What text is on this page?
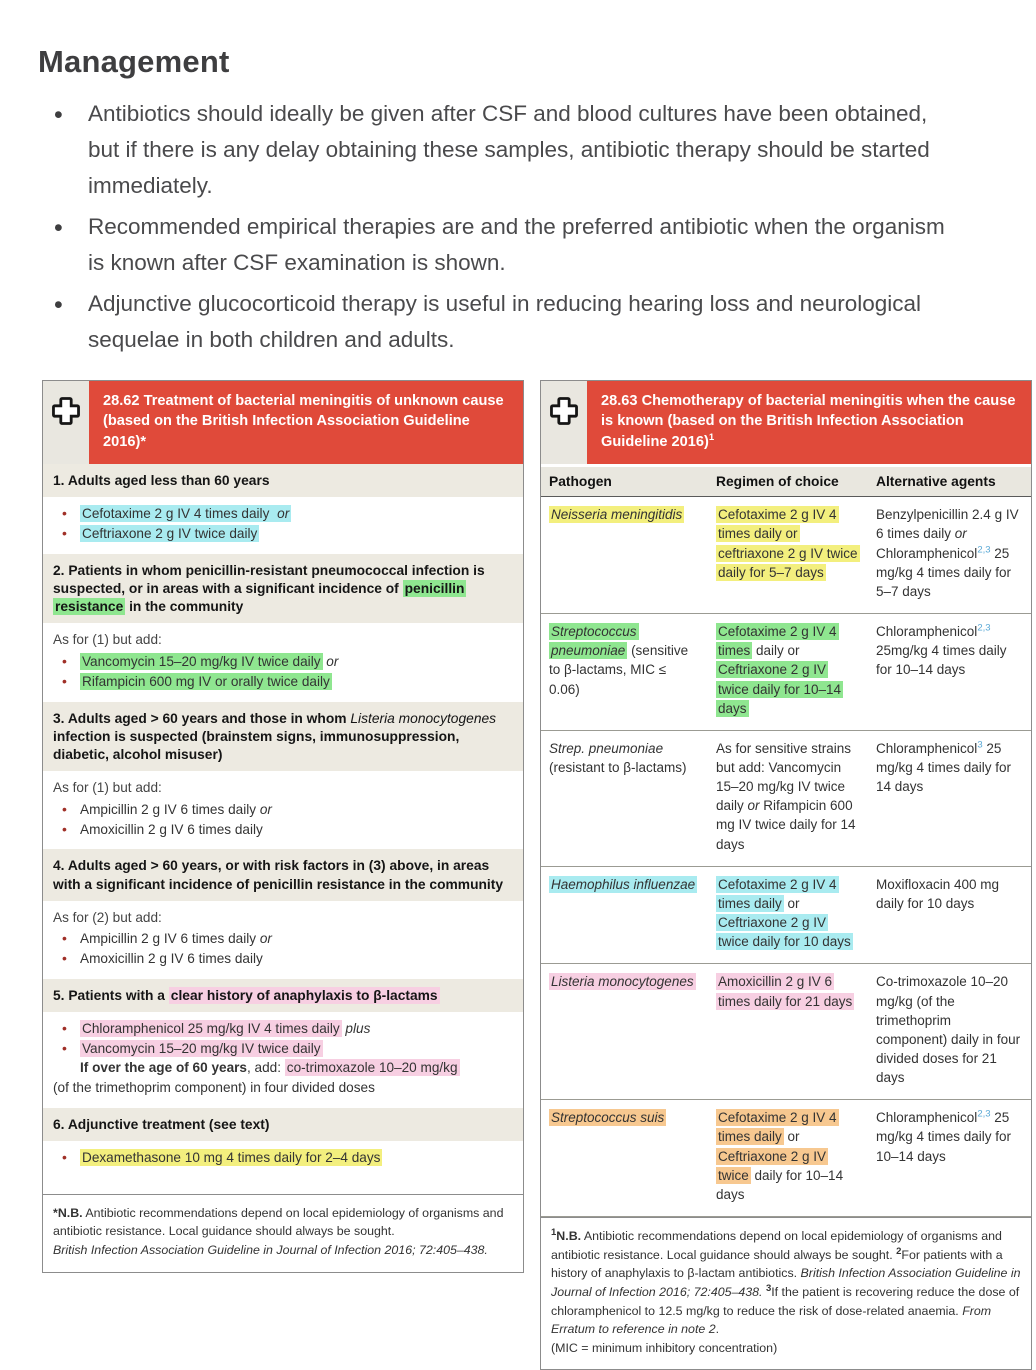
Management
• Antibiotics should ideally be given after CSF and blood cultures have been obtained, but if there is any delay obtaining these samples, antibiotic therapy should be started immediately.
• Recommended empirical therapies are and the preferred antibiotic when the organism is known after CSF examination is shown.
• Adjunctive glucocorticoid therapy is useful in reducing hearing loss and neurological sequelae in both children and adults.
28.62 Treatment of bacterial meningitis of unknown cause (based on the British Infection Association Guideline 2016)*
1. Adults aged less than 60 years

• Cefotaxime 2 g IV 4 times daily or

• Ceftriaxone 2 g IV twice daily

2. Patients in whom penicillin-resistant pneumococcal infection is suspected, or in areas with a significant incidence of penicillin resistance in the community

As for (1) but add:

• Vancomycin 15–20 mg/kg IV twice daily or

• Rifampicin 600 mg IV or orally twice daily

3. Adults aged > 60 years and those in whom Listeria monocytogenes infection is suspected (brainstem signs, immunosuppression, diabetic, alcohol misuser)

As for (1) but add:

• Ampicillin 2 g IV 6 times daily or

• Amoxicillin 2 g IV 6 times daily

4. Adults aged > 60 years, or with risk factors in (3) above, in areas with a significant incidence of penicillin resistance in the community

As for (2) but add:

• Ampicillin 2 g IV 6 times daily or

• Amoxicillin 2 g IV 6 times daily

5. Patients with a clear history of anaphylaxis to β-lactams

• Chloramphenicol 25 mg/kg IV 4 times daily plus

• Vancomycin 15–20 mg/kg IV twice daily

If over the age of 60 years, add: co-trimoxazole 10–20 mg/kg

(of the trimethoprim component) in four divided doses

6. Adjunctive treatment (see text)

• Dexamethasone 10 mg 4 times daily for 2–4 days

*N.B. Antibiotic recommendations depend on local epidemiology of organisms and antibiotic resistance. Local guidance should always be sought.

British Infection Association Guideline in Journal of Infection 2016; 72:405–438.

28.63 Chemotherapy of bacterial meningitis when the cause is known (based on the British Infection Association Guideline 2016)$^1$
Pathogen	Regimen of choice	Alternative agents
Neisseria meningitidis	Cefotaxime 2 g IV 4 times daily or ceftriaxone 2 g IV twice daily for 5–7 days	Benzylpenicillin 2.4 g IV 6 times daily or Chloramphenicol$^{2,3}$ 25 mg/kg 4 times daily for 5–7 days
Streptococcus pneumoniae (sensitive to β-lactams, MIC ≤ 0.06)	Cefotaxime 2 g IV 4 times daily or Ceftriaxone 2 g IV twice daily for 10–14 days	Chloramphenicol$^{2,3}$ 25mg/kg 4 times daily for 10–14 days
Strep. pneumoniae (resistant to β-lactams)	As for sensitive strains but add: Vancomycin 15–20 mg/kg IV twice daily or Rifampicin 600 mg IV twice daily for 14 days	Chloramphenicol$^3$ 25 mg/kg 4 times daily for 14 days
Haemophilus influenzae	Cefotaxime 2 g IV 4 times daily or Ceftriaxone 2 g IV twice daily for 10 days	Moxifloxacin 400 mg daily for 10 days
Listeria monocytogenes	Amoxicillin 2 g IV 6 times daily for 21 days	Co-trimoxazole 10–20 mg/kg (of the trimethoprim component) daily in four divided doses for 21 days
Streptococcus suis	Cefotaxime 2 g IV 4 times daily or Ceftriaxone 2 g IV twice daily for 10–14 days	Chloramphenicol$^{2,3}$ 25 mg/kg 4 times daily for 10–14 days

$^1$N.B. Antibiotic recommendations depend on local epidemiology of organisms and antibiotic resistance. Local guidance should always be sought. $^2$For patients with a history of anaphylaxis to β-lactam antibiotics. British Infection Association Guideline in Journal of Infection 2016; 72:405–438. $^3$If the patient is recovering reduce the dose of chloramphenicol to 12.5 mg/kg to reduce the risk of dose-related anaemia. From Erratum to reference in note 2.

(MIC = minimum inhibitory concentration)
